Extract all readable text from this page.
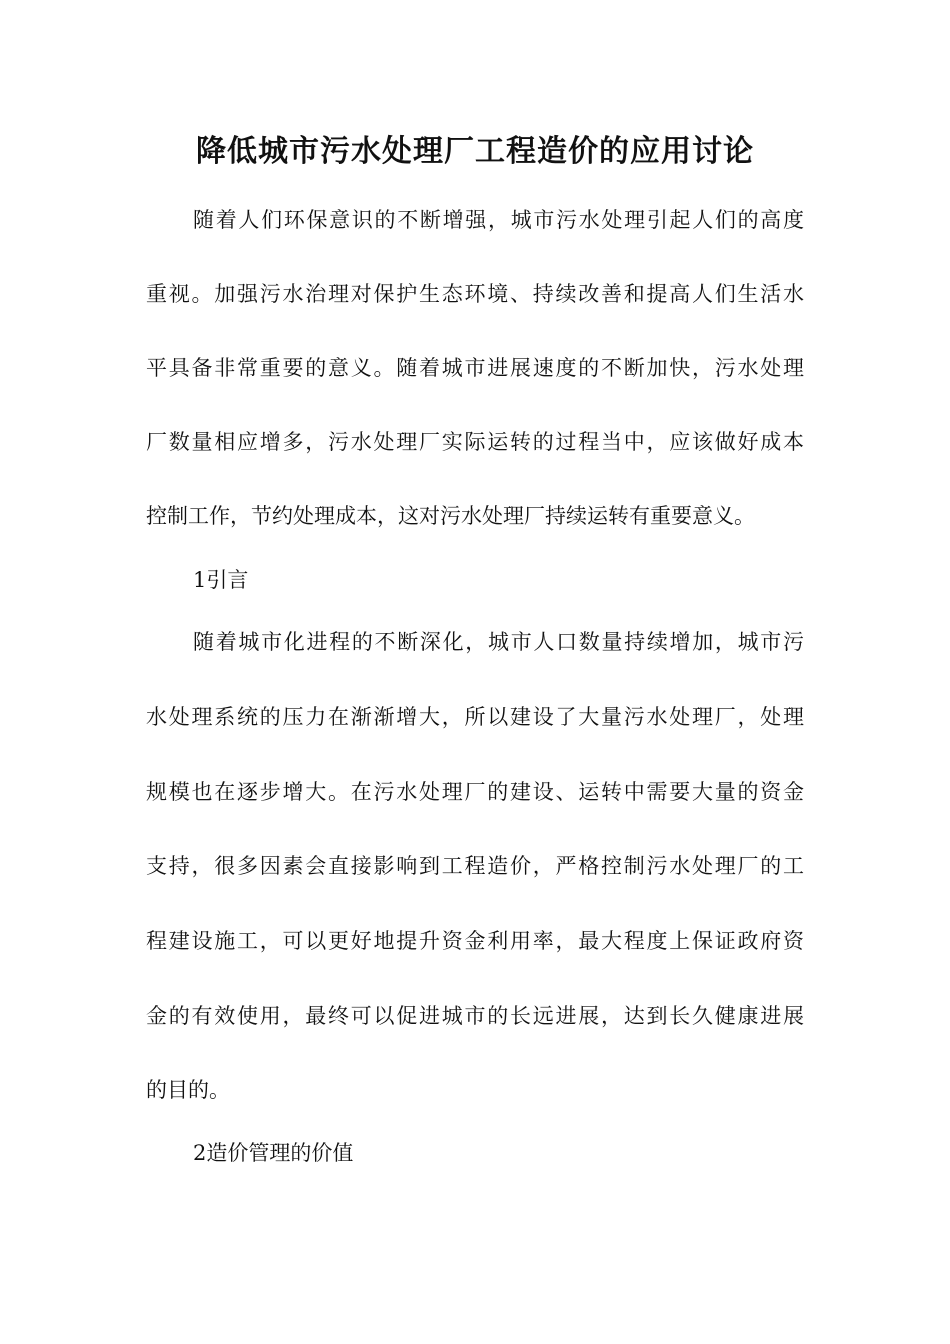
降低城市污水处理厂工程造价的应用讨论
随着人们环保意识的不断增强，城市污水处理引起人们的高度
重视。加强污水治理对保护生态环境、持续改善和提高人们生活水
平具备非常重要的意义。随着城市进展速度的不断加快，污水处理
厂数量相应增多，污水处理厂实际运转的过程当中，应该做好成本
控制工作，节约处理成本，这对污水处理厂持续运转有重要意义。
1引言
随着城市化进程的不断深化，城市人口数量持续增加，城市污
水处理系统的压力在渐渐增大，所以建设了大量污水处理厂，处理
规模也在逐步增大。在污水处理厂的建设、运转中需要大量的资金
支持，很多因素会直接影响到工程造价，严格控制污水处理厂的工
程建设施工，可以更好地提升资金利用率，最大程度上保证政府资
金的有效使用，最终可以促进城市的长远进展，达到长久健康进展
的目的。
2造价管理的价值
